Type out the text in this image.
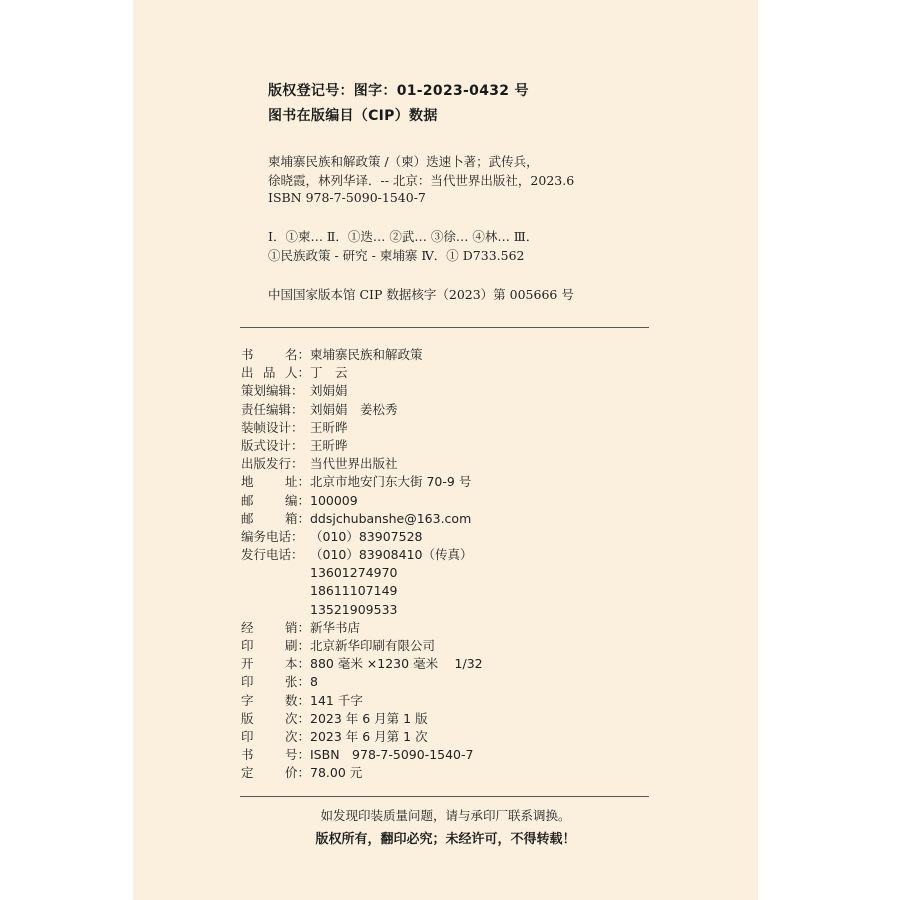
版权登记号：图字：01-2023-0432 号
图书在版编目（CIP）数据
柬埔寨民族和解政策 /（柬）迭速卜著；武传兵，
徐晓霞，林列华译．-- 北京：当代世界出版社，2023.6
ISBN 978-7-5090-1540-7
Ⅰ．①柬… Ⅱ．①迭… ②武… ③徐… ④林… Ⅲ．
①民族政策 - 研究 - 柬埔寨 Ⅳ．① D733.562
中国国家版本馆 CIP 数据核字（2023）第 005666 号
书	名： 柬埔寨民族和解政策
出 品 人： 丁　云
策划编辑： 刘娟娟
责任编辑： 刘娟娟　姜松秀
装帧设计： 王昕晔
版式设计： 王昕晔
出版发行： 当代世界出版社
地	址： 北京市地安门东大街 70-9 号
邮	编： 100009
邮	箱： ddsjchubanshe@163.com
编务电话： （010）83907528
发行电话： （010）83908410（传真）
13601274970
18611107149
13521909533
经	销： 新华书店
印	刷： 北京新华印刷有限公司
开	本： 880 毫米 ×1230 毫米　 1/32
印	张： 8
字	数： 141 千字
版	次： 2023 年 6 月第 1 版
印	次： 2023 年 6 月第 1 次
书	号： ISBN　978-7-5090-1540-7
定	价： 78.00 元
如发现印装质量问题，请与承印厂联系调换。
版权所有，翻印必究；未经许可，不得转载！
